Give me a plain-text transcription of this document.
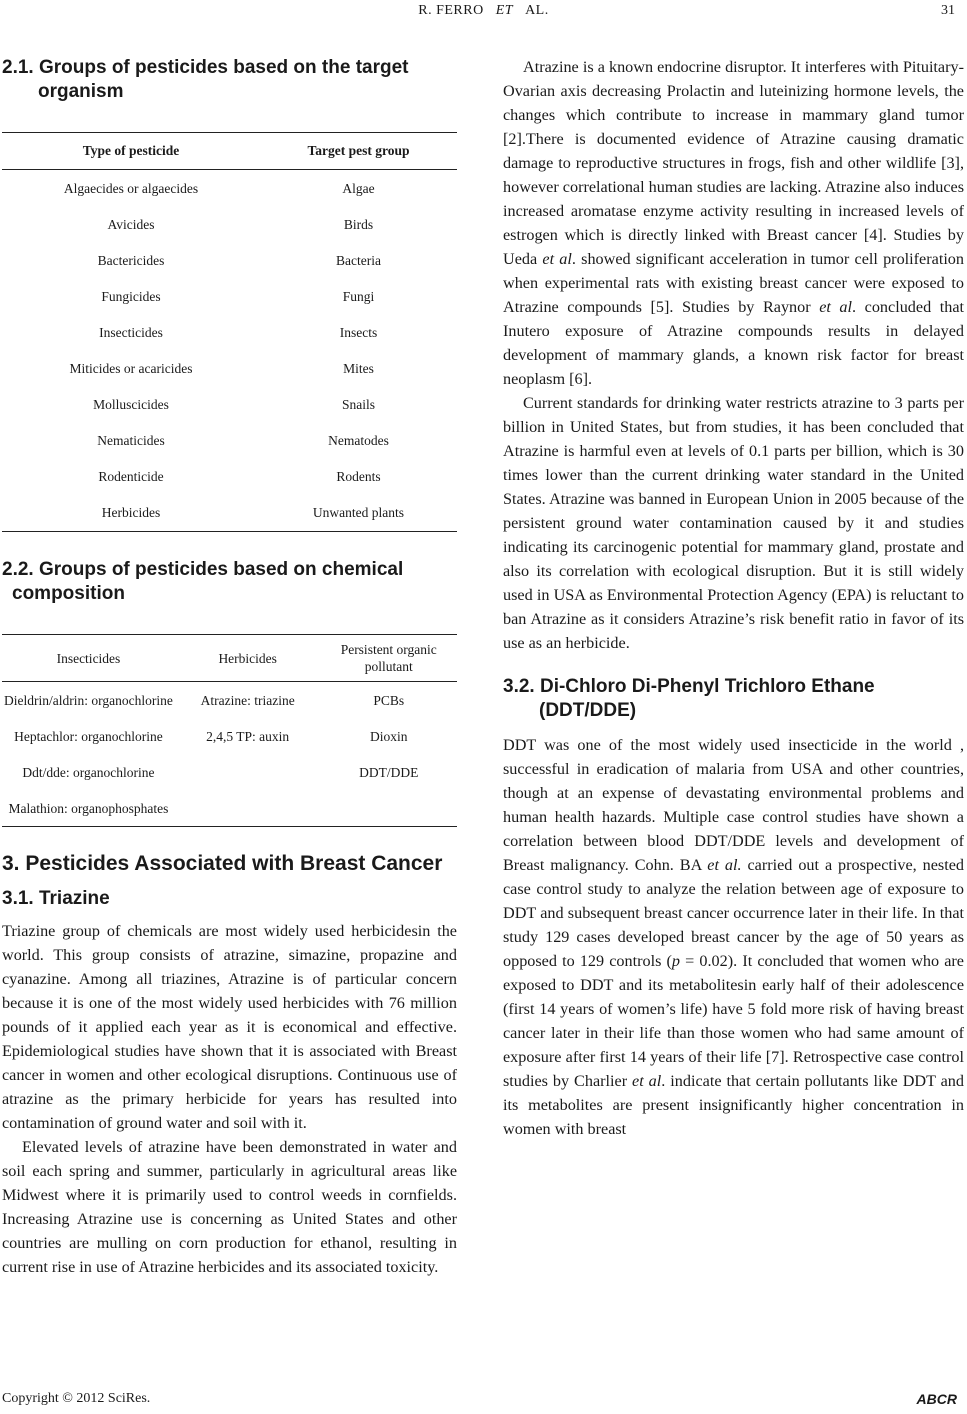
R. FERRO ET AL.	31
2.1. Groups of pesticides based on the target
organism
Type of pesticide	Target pest group
Algaecides or algaecides	Algae
Avicides	Birds
Bactericides	Bacteria
Fungicides	Fungi
Insecticides	Insects
Miticides or acaricides	Mites
Molluscicides	Snails
Nematicides	Nematodes
Rodenticide	Rodents
Herbicides	Unwanted plants
2.2. Groups of pesticides based on chemical
composition
Insecticides	Herbicides	Persistent organic pollutant
Dieldrin/aldrin: organochlorine	Atrazine: triazine	PCBs
Heptachlor: organochlorine	2,4,5 TP: auxin	Dioxin
Ddt/dde: organochlorine		DDT/DDE
Malathion: organophosphates		
3. Pesticides Associated with Breast Cancer
3.1. Triazine

Triazine group of chemicals are most widely used herbicidesin the world. This group consists of atrazine, simazine, propazine and cyanazine. Among all triazines, Atrazine is of particular concern because it is one of the most widely used herbicides with 76 million pounds of it applied each year as it is economical and effective. Epidemiological studies have shown that it is associated with Breast cancer in women and other ecological disruptions. Continuous use of atrazine as the primary herbicide for years has resulted into contamination of ground water and soil with it.

Elevated levels of atrazine have been demonstrated in water and soil each spring and summer, particularly in agricultural areas like Midwest where it is primarily used to control weeds in cornfields. Increasing Atrazine use is concerning as United States and other countries are mulling on corn production for ethanol, resulting in current rise in use of Atrazine herbicides and its associated toxicity.

Atrazine is a known endocrine disruptor. It interferes with Pituitary-Ovarian axis decreasing Prolactin and luteinizing hormone levels, the changes which contribute to increase in mammary gland tumor [2].There is documented evidence of Atrazine causing dramatic damage to reproductive structures in frogs, fish and other wildlife [3], however correlational human studies are lacking. Atrazine also induces increased aromatase enzyme activity resulting in increased levels of estrogen which is directly linked with Breast cancer [4]. Studies by Ueda et al. showed significant acceleration in tumor cell proliferation when experimental rats with existing breast cancer were exposed to Atrazine compounds [5]. Studies by Raynor et al. concluded that Inutero exposure of Atrazine compounds results in delayed development of mammary glands, a known risk factor for breast neoplasm [6].

Current standards for drinking water restricts atrazine to 3 parts per billion in United States, but from studies, it has been concluded that Atrazine is harmful even at levels of 0.1 parts per billion, which is 30 times lower than the current drinking water standard in the United States. Atrazine was banned in European Union in 2005 because of the persistent ground water contamination caused by it and studies indicating its carcinogenic potential for mammary gland, prostate and also its correlation with ecological disruption. But it is still widely used in USA as Environmental Protection Agency (EPA) is reluctant to ban Atrazine as it considers Atrazine’s risk benefit ratio in favor of its use as an herbicide.

3.2. Di-Chloro Di-Phenyl Trichloro Ethane
(DDT/DDE)

DDT was one of the most widely used insecticide in the world , successful in eradication of malaria from USA and other countries, though at an expense of devastating environmental problems and human health hazards. Multiple case control studies have shown a correlation between blood DDT/DDE levels and development of Breast malignancy. Cohn. BA et al. carried out a prospective, nested case control study to analyze the relation between age of exposure to DDT and subsequent breast cancer occurrence later in their life. In that study 129 cases developed breast cancer by the age of 50 years as opposed to 129 controls (p = 0.02). It concluded that women who are exposed to DDT and its metabolitesin early half of their adolescence (first 14 years of women’s life) have 5 fold more risk of having breast cancer later in their life than those women who had same amount of exposure after first 14 years of their life [7]. Retrospective case control studies by Charlier et al. indicate that certain pollutants like DDT and its metabolites are present insignificantly higher concentration in women with breast

Copyright © 2012 SciRes.	ABCR
